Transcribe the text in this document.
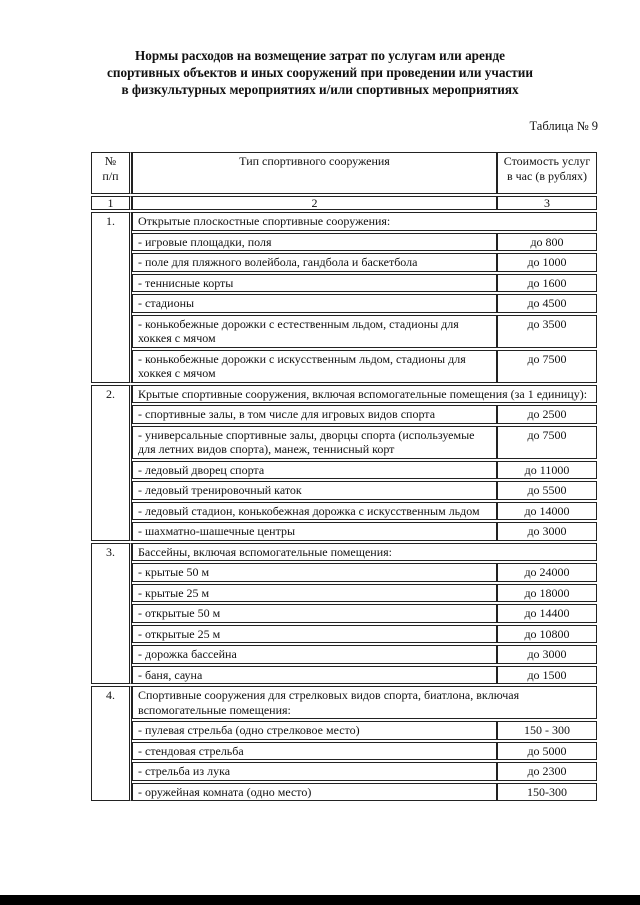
Нормы расходов на возмещение затрат по услугам или аренде
спортивных объектов и иных сооружений при проведении или участии
в физкультурных мероприятиях и/или спортивных мероприятиях
Таблица № 9
№
п/п	Тип спортивного сооружения	Стоимость услуг в час (в рублях)
1	2	3
1.	Открытые плоскостные спортивные сооружения:	
	- игровые площадки, поля	до 800
	- поле для пляжного волейбола, гандбола и баскетбола	до 1000
	- теннисные корты	до 1600
	- стадионы	до 4500
	- конькобежные дорожки с естественным льдом, стадионы для хоккея с мячом	до 3500
	- конькобежные дорожки с искусственным льдом, стадионы для хоккея с мячом	до 7500
2.	Крытые спортивные сооружения, включая вспомогательные помещения (за 1 единицу):	
	- спортивные залы, в том числе для игровых видов спорта	до 2500
	- универсальные спортивные залы, дворцы спорта (используемые для летних видов спорта), манеж, теннисный корт	до 7500
	- ледовый дворец спорта	до 11000
	- ледовый тренировочный каток	до 5500
	- ледовый стадион, конькобежная дорожка с искусственным льдом	до 14000
	- шахматно-шашечные центры	до 3000
3.	Бассейны, включая вспомогательные помещения:	
	- крытые 50 м	до 24000
	- крытые 25 м	до 18000
	- открытые 50 м	до 14400
	- открытые 25 м	до 10800
	- дорожка бассейна	до 3000
	- баня, сауна	до 1500
4.	Спортивные сооружения для стрелковых видов спорта, биатлона, включая вспомогательные помещения:	
	- пулевая стрельба (одно стрелковое место)	150 - 300
	- стендовая стрельба	до 5000
	- стрельба из лука	до 2300
	- оружейная комната (одно место)	150-300
